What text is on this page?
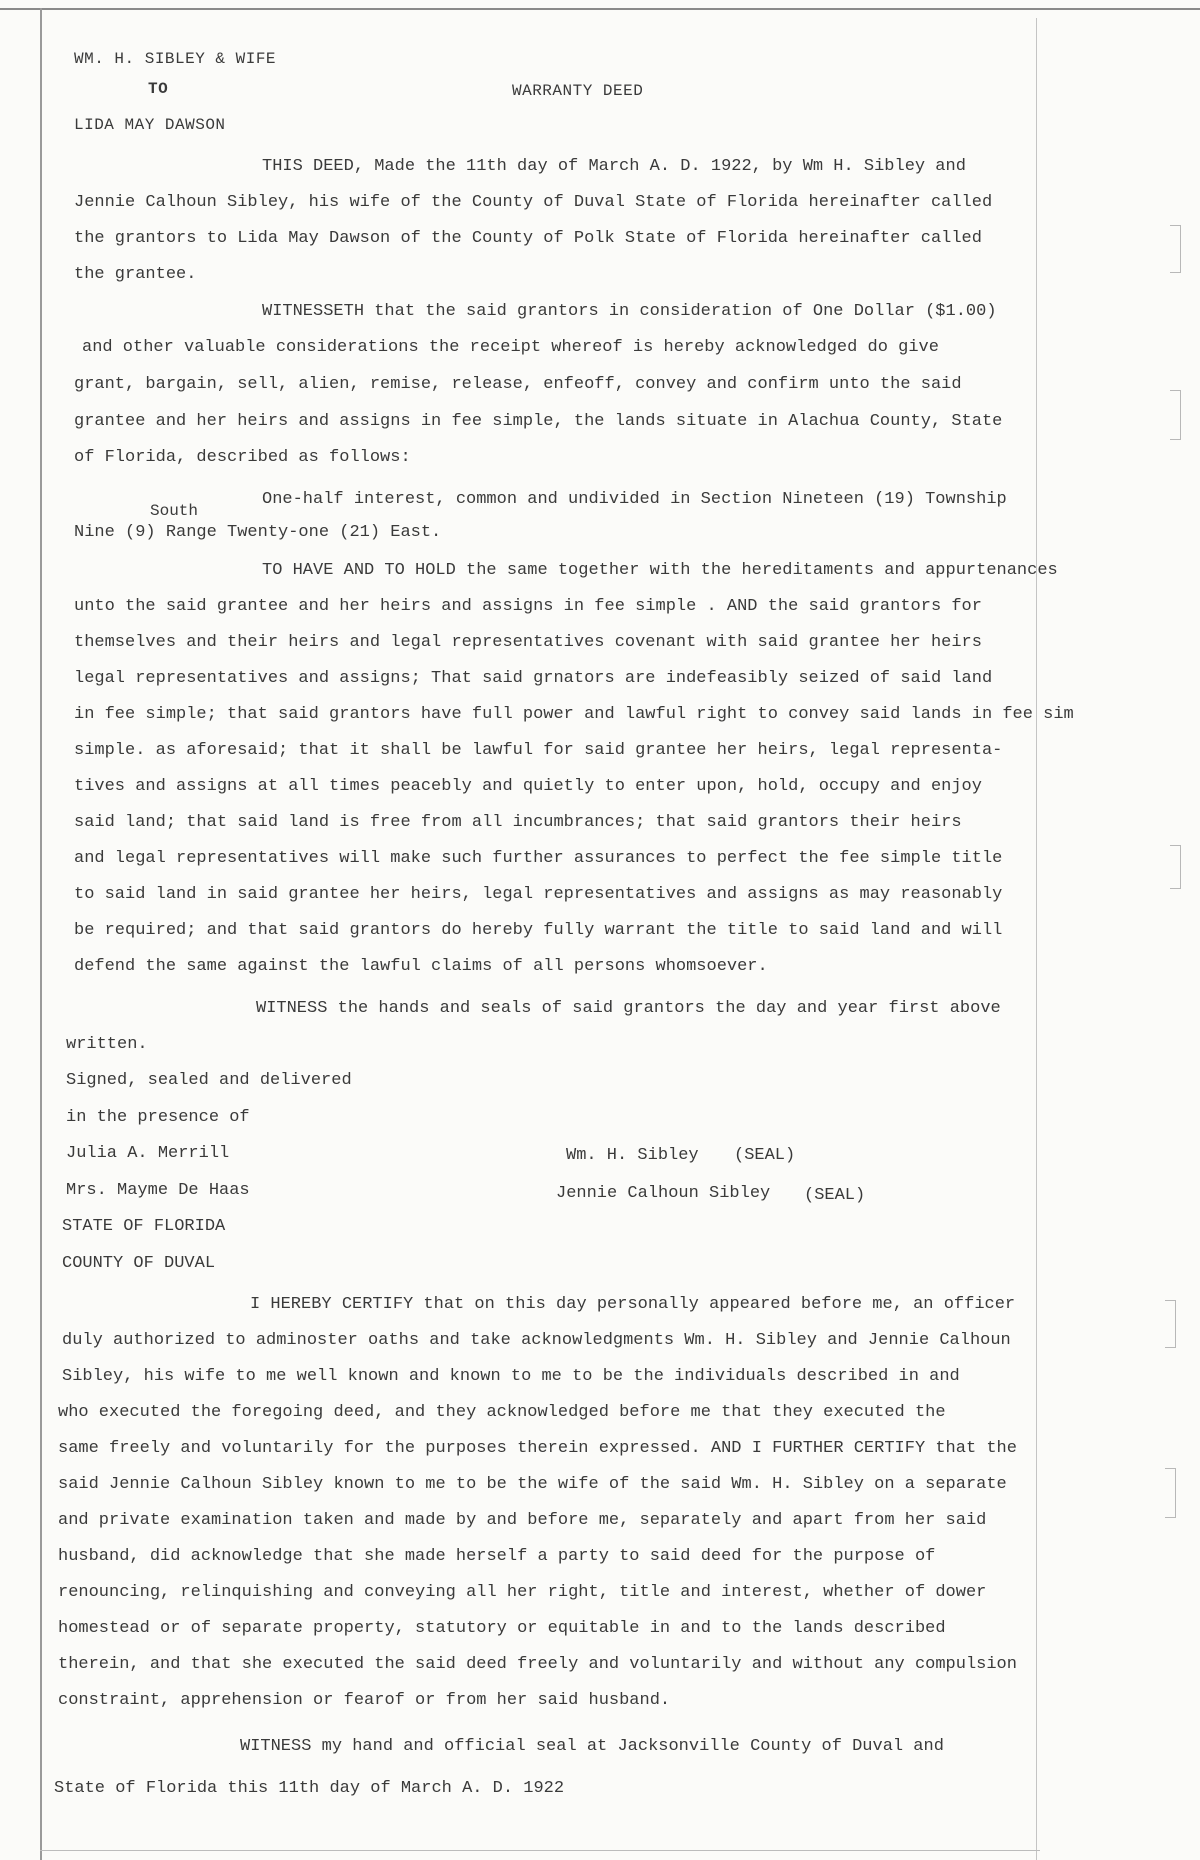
WM. H. SIBLEY & WIFE
TO	WARRANTY DEED
LIDA MAY DAWSON
THIS DEED, Made the 11th day of March A. D. 1922, by Wm H. Sibley and
Jennie Calhoun Sibley, his wife of the County of Duval State of Florida hereinafter called
the grantors to Lida May Dawson of the County of Polk State of Florida hereinafter called
the grantee.
WITNESSETH that the said grantors in consideration of One Dollar ($1.00)
and other valuable considerations the receipt whereof is hereby acknowledged do give
grant, bargain, sell, alien, remise, release, enfeoff, convey and confirm unto the said
grantee and her heirs and assigns in fee simple, the lands situate in Alachua County, State
of Florida, described as follows:
One-half interest, common and undivided in Section Nineteen (19) Township
South
Nine (9) Range Twenty-one (21) East.
TO HAVE AND TO HOLD the same together with the hereditaments and appurtenances
unto the said grantee and her heirs and assigns in fee simple . AND the said grantors for
themselves and their heirs and legal representatives covenant with said grantee her heirs
legal representatives and assigns; That said grnators are indefeasibly seized of said land
in fee simple; that said grantors have full power and lawful right to convey said lands in fee sim
simple. as aforesaid; that it shall be lawful for said grantee her heirs, legal representa-
tives and assigns at all times peacebly and quietly to enter upon, hold, occupy and enjoy
said land; that said land is free from all incumbrances; that said grantors their heirs
and legal representatives will make such further assurances to perfect the fee simple title
to said land in said grantee her heirs, legal representatives and assigns as may reasonably
be required; and that said grantors do hereby fully warrant the title to said land and will
defend the same against the lawful claims of all persons whomsoever.
WITNESS the hands and seals of said grantors the day and year first above
written.
Signed, sealed and delivered
in the presence of
Julia A. Merrill
Mrs. Mayme De Haas
Wm. H. Sibley (SEAL)
Jennie Calhoun Sibley (SEAL)
STATE OF FLORIDA
COUNTY OF DUVAL
I HEREBY CERTIFY that on this day personally appeared before me, an officer
duly authorized to adminoster oaths and take acknowledgments Wm. H. Sibley and Jennie Calhoun
Sibley, his wife to me well known and known to me to be the individuals described in and
who executed the foregoing deed, and they acknowledged before me that they executed the
same freely and voluntarily for the purposes therein expressed. AND I FURTHER CERTIFY that the
said Jennie Calhoun Sibley known to me to be the wife of the said Wm. H. Sibley on a separate
and private examination taken and made by and before me, separately and apart from her said
husband, did acknowledge that she made herself a party to said deed for the purpose of
renouncing, relinquishing and conveying all her right, title and interest, whether of dower
homestead or of separate property, statutory or equitable in and to the lands described
therein, and that she executed the said deed freely and voluntarily and without any compulsion
constraint, apprehension or fearof or from her said husband.
WITNESS my hand and official seal at Jacksonville County of Duval and
State of Florida this 11th day of March A. D. 1922
